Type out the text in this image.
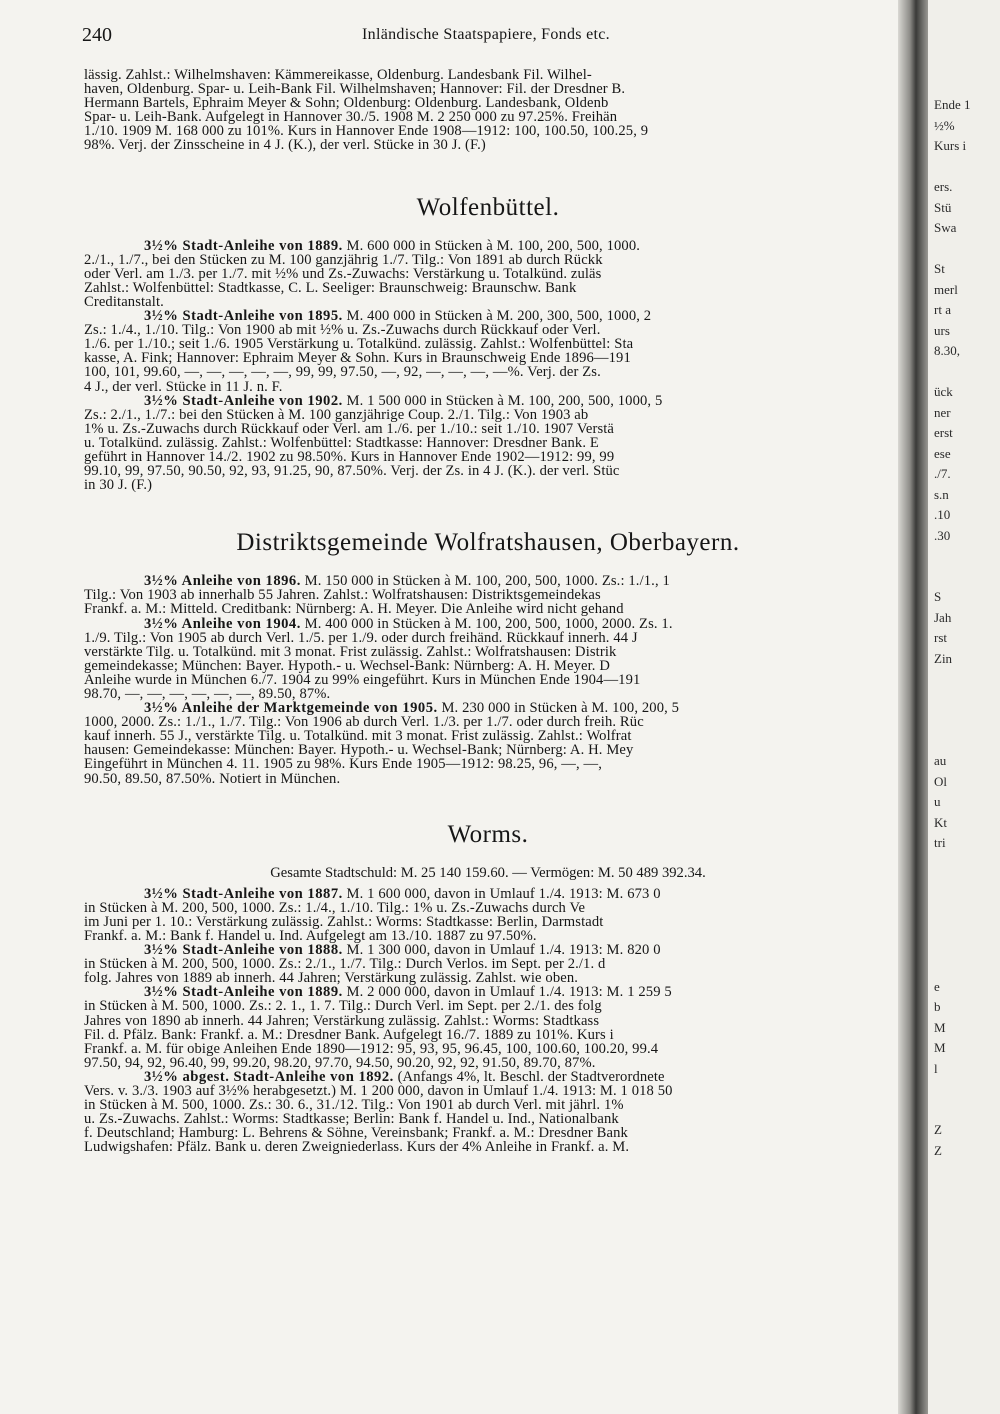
240	Inländische Staatspapiere, Fonds etc.

lässig. Zahlst.: Wilhelmshaven: Kämmereikasse, Oldenburg. Landesbank Fil. Wilhel-
haven, Oldenburg. Spar- u. Leih-Bank Fil. Wilhelmshaven; Hannover: Fil. der Dresdner B.
Hermann Bartels, Ephraim Meyer & Sohn; Oldenburg: Oldenburg. Landesbank, Oldenb
Spar- u. Leih-Bank. Aufgelegt in Hannover 30./5. 1908 M. 2 250 000 zu 97.25%. Freihän
1./10. 1909 M. 168 000 zu 101%. Kurs in Hannover Ende 1908—1912: 100, 100.50, 100.25, 9
98%. Verj. der Zinsscheine in 4 J. (K.), der verl. Stücke in 30 J. (F.)

Wolfenbüttel.

3½% Stadt-Anleihe von 1889. M. 600 000 in Stücken à M. 100, 200, 500, 1000.
2./1., 1./7., bei den Stücken zu M. 100 ganzjährig 1./7. Tilg.: Von 1891 ab durch Rückk
oder Verl. am 1./3. per 1./7. mit ½% und Zs.-Zuwachs: Verstärkung u. Totalkünd. zuläs
Zahlst.: Wolfenbüttel: Stadtkasse, C. L. Seeliger: Braunschweig: Braunschw. Bank
Creditanstalt.

3½% Stadt-Anleihe von 1895. M. 400 000 in Stücken à M. 200, 300, 500, 1000, 2
Zs.: 1./4., 1./10. Tilg.: Von 1900 ab mit ½% u. Zs.-Zuwachs durch Rückkauf oder Verl.
1./6. per 1./10.; seit 1./6. 1905 Verstärkung u. Totalkünd. zulässig. Zahlst.: Wolfenbüttel: Sta
kasse, A. Fink; Hannover: Ephraim Meyer & Sohn. Kurs in Braunschweig Ende 1896—191
100, 101, 99.60, —, —, —, —, —, 99, 99, 97.50, —, 92, —, —, —, —%. Verj. der Zs.
4 J., der verl. Stücke in 11 J. n. F.

3½% Stadt-Anleihe von 1902. M. 1 500 000 in Stücken à M. 100, 200, 500, 1000, 5
Zs.: 2./1., 1./7.: bei den Stücken à M. 100 ganzjährige Coup. 2./1. Tilg.: Von 1903 ab
1% u. Zs.-Zuwachs durch Rückkauf oder Verl. am 1./6. per 1./10.: seit 1./10. 1907 Verstä
u. Totalkünd. zulässig. Zahlst.: Wolfenbüttel: Stadtkasse: Hannover: Dresdner Bank. E
geführt in Hannover 14./2. 1902 zu 98.50%. Kurs in Hannover Ende 1902—1912: 99, 99
99.10, 99, 97.50, 90.50, 92, 93, 91.25, 90, 87.50%. Verj. der Zs. in 4 J. (K.). der verl. Stüc
in 30 J. (F.)

Distriktsgemeinde Wolfratshausen, Oberbayern.

3½% Anleihe von 1896. M. 150 000 in Stücken à M. 100, 200, 500, 1000. Zs.: 1./1., 1
Tilg.: Von 1903 ab innerhalb 55 Jahren. Zahlst.: Wolfratshausen: Distriktsgemeindekas
Frankf. a. M.: Mitteld. Creditbank: Nürnberg: A. H. Meyer. Die Anleihe wird nicht gehand

3½% Anleihe von 1904. M. 400 000 in Stücken à M. 100, 200, 500, 1000, 2000. Zs. 1.
1./9. Tilg.: Von 1905 ab durch Verl. 1./5. per 1./9. oder durch freihänd. Rückkauf innerh. 44 J
verstärkte Tilg. u. Totalkünd. mit 3 monat. Frist zulässig. Zahlst.: Wolfratshausen: Distrik
gemeindekasse; München: Bayer. Hypoth.- u. Wechsel-Bank: Nürnberg: A. H. Meyer. D
Anleihe wurde in München 6./7. 1904 zu 99% eingeführt. Kurs in München Ende 1904—191
98.70, —, —, —, —, —, —, 89.50, 87%.

3½% Anleihe der Marktgemeinde von 1905. M. 230 000 in Stücken à M. 100, 200, 5
1000, 2000. Zs.: 1./1., 1./7. Tilg.: Von 1906 ab durch Verl. 1./3. per 1./7. oder durch freih. Rüc
kauf innerh. 55 J., verstärkte Tilg. u. Totalkünd. mit 3 monat. Frist zulässig. Zahlst.: Wolfrat
hausen: Gemeindekasse: München: Bayer. Hypoth.- u. Wechsel-Bank; Nürnberg: A. H. Mey
Eingeführt in München 4. 11. 1905 zu 98%. Kurs Ende 1905—1912: 98.25, 96, —, —,
90.50, 89.50, 87.50%. Notiert in München.

Worms.
Gesamte Stadtschuld: M. 25 140 159.60. — Vermögen: M. 50 489 392.34.

3½% Stadt-Anleihe von 1887. M. 1 600 000, davon in Umlauf 1./4. 1913: M. 673 0
in Stücken à M. 200, 500, 1000. Zs.: 1./4., 1./10. Tilg.: 1% u. Zs.-Zuwachs durch Ve
im Juni per 1. 10.: Verstärkung zulässig. Zahlst.: Worms: Stadtkasse: Berlin, Darmstadt
Frankf. a. M.: Bank f. Handel u. Ind. Aufgelegt am 13./10. 1887 zu 97.50%.

3½% Stadt-Anleihe von 1888. M. 1 300 000, davon in Umlauf 1./4. 1913: M. 820 0
in Stücken à M. 200, 500, 1000. Zs.: 2./1., 1./7. Tilg.: Durch Verlos. im Sept. per 2./1. d
folg. Jahres von 1889 ab innerh. 44 Jahren; Verstärkung zulässig. Zahlst. wie oben.

3½% Stadt-Anleihe von 1889. M. 2 000 000, davon in Umlauf 1./4. 1913: M. 1 259 5
in Stücken à M. 500, 1000. Zs.: 2. 1., 1. 7. Tilg.: Durch Verl. im Sept. per 2./1. des folg
Jahres von 1890 ab innerh. 44 Jahren; Verstärkung zulässig. Zahlst.: Worms: Stadtkass
Fil. d. Pfälz. Bank: Frankf. a. M.: Dresdner Bank. Aufgelegt 16./7. 1889 zu 101%. Kurs i
Frankf. a. M. für obige Anleihen Ende 1890—1912: 95, 93, 95, 96.45, 100, 100.60, 100.20, 99.4
97.50, 94, 92, 96.40, 99, 99.20, 98.20, 97.70, 94.50, 90.20, 92, 92, 91.50, 89.70, 87%.

3½% abgest. Stadt-Anleihe von 1892. (Anfangs 4%, lt. Beschl. der Stadtverordnete
Vers. v. 3./3. 1903 auf 3½% herabgesetzt.) M. 1 200 000, davon in Umlauf 1./4. 1913: M. 1 018 50
in Stücken à M. 500, 1000. Zs.: 30. 6., 31./12. Tilg.: Von 1901 ab durch Verl. mit jährl. 1%
u. Zs.-Zuwachs. Zahlst.: Worms: Stadtkasse; Berlin: Bank f. Handel u. Ind., Nationalbank
f. Deutschland; Hamburg: L. Behrens & Söhne, Vereinsbank; Frankf. a. M.: Dresdner Bank
Ludwigshafen: Pfälz. Bank u. deren Zweigniederlass. Kurs der 4% Anleihe in Frankf. a. M.

Ende 1
½%
Kurs i
ers.
Stü
Swa
St
merl
rt a
urs
8.30,
ück
ner
erst
ese
./7.
s.n
.10
.30
S
Jah
rst
Zin
au
Ol
u
Kt
tri
e
b
M
M
l
Z
Z
